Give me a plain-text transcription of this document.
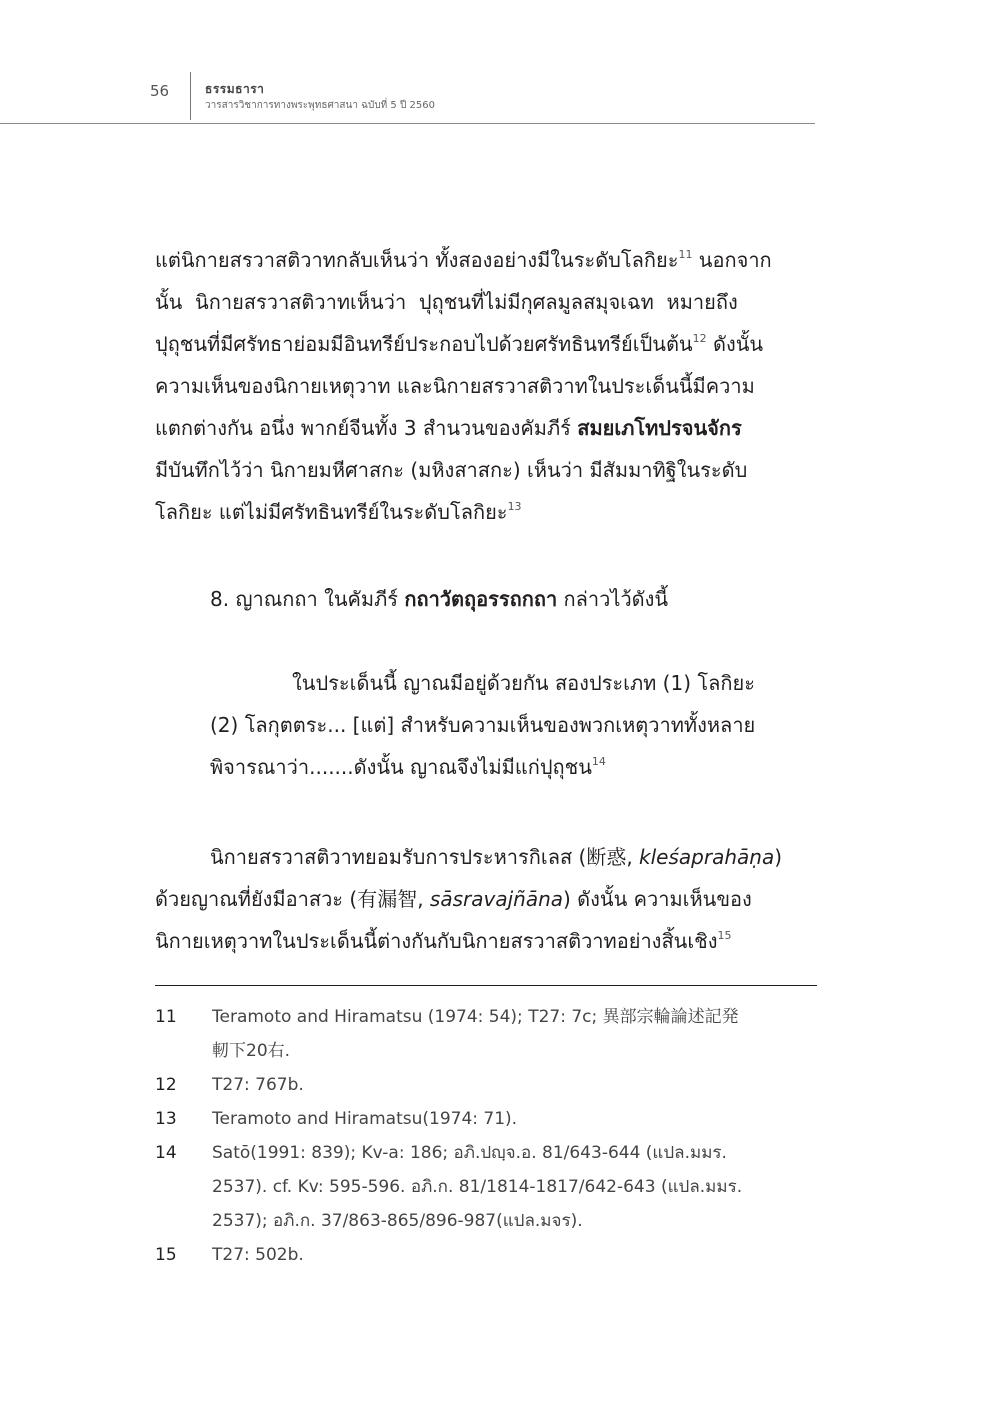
56	ธรรมธารา
วารสารวิชาการทางพระพุทธศาสนา ฉบับที่ 5 ปี 2560
แต่นิกายสรวาสติวาทกลับเห็นว่า ทั้งสองอย่างมีในระดับโลกิยะ$^{11}$ นอกจาก
นั้น  นิกายสรวาสติวาทเห็นว่า  ปุถุชนที่ไม่มีกุศลมูลสมุจเฉท  หมายถึง
ปุถุชนที่มีศรัทธาย่อมมีอินทรีย์ประกอบไปด้วยศรัทธินทรีย์เป็นต้น$^{12}$ ดังนั้น
ความเห็นของนิกายเหตุวาท และนิกายสรวาสติวาทในประเด็นนี้มีความ
แตกต่างกัน อนึ่ง พากย์จีนทั้ง 3 สำนวนของคัมภีร์ สมยเภโทปรจนจักร
มีบันทึกไว้ว่า นิกายมหีศาสกะ (มหิงสาสกะ) เห็นว่า มีสัมมาทิฐิในระดับ
โลกิยะ แต่ไม่มีศรัทธินทรีย์ในระดับโลกิยะ$^{13}$
8. ญาณกถา ในคัมภีร์ กถาวัตถุอรรถกถา กล่าวไว้ดังนี้
ในประเด็นนี้ ญาณมีอยู่ด้วยกัน สองประเภท (1) โลกิยะ
(2) โลกุตตระ... [แต่] สำหรับความเห็นของพวกเหตุวาททั้งหลาย
พิจารณาว่า.......ดังนั้น ญาณจึงไม่มีแก่ปุถุชน$^{14}$
นิกายสรวาสติวาทยอมรับการประหารกิเลส (断惑, kleśaprahāṇa)
ด้วยญาณที่ยังมีอาสวะ (有漏智, sāsravajñāna) ดังนั้น ความเห็นของ
นิกายเหตุวาทในประเด็นนี้ต่างกันกับนิกายสรวาสติวาทอย่างสิ้นเชิง$^{15}$
11	Teramoto and Hiramatsu (1974: 54); T27: 7c; 異部宗輪論述記発
軔下20右.
12	T27: 767b.
13	Teramoto and Hiramatsu(1974: 71).
14	Satō(1991: 839); Kv-a: 186; อภิ.ปญฺจ.อ. 81/643-644 (แปล.มมร.
2537). cf. Kv: 595-596. อภิ.ก. 81/1814-1817/642-643 (แปล.มมร.
2537); อภิ.ก. 37/863-865/896-987(แปล.มจร).
15	T27: 502b.
